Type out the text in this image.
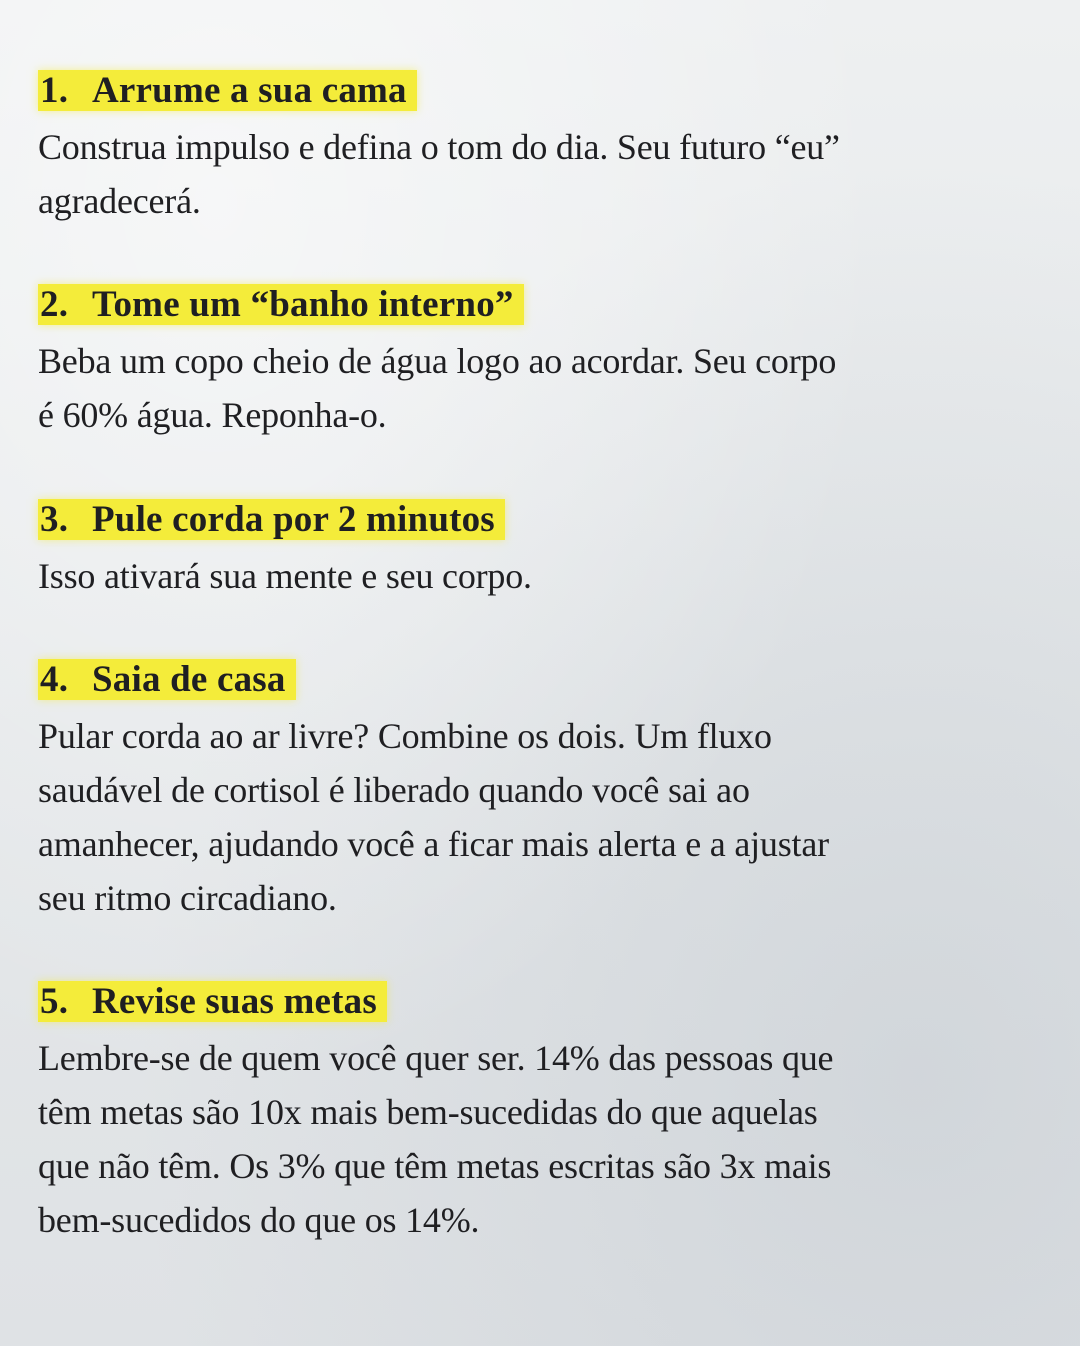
1. Arrume a sua cama

Construa impulso e defina o tom do dia. Seu futuro “eu”
agradecerá.

2. Tome um “banho interno”

Beba um copo cheio de água logo ao acordar. Seu corpo
é 60% água. Reponha-o.

3. Pule corda por 2 minutos

Isso ativará sua mente e seu corpo.

4. Saia de casa

Pular corda ao ar livre? Combine os dois. Um fluxo
saudável de cortisol é liberado quando você sai ao
amanhecer, ajudando você a ficar mais alerta e a ajustar
seu ritmo circadiano.

5. Revise suas metas

Lembre-se de quem você quer ser. 14% das pessoas que
têm metas são 10x mais bem-sucedidas do que aquelas
que não têm. Os 3% que têm metas escritas são 3x mais
bem-sucedidos do que os 14%.
